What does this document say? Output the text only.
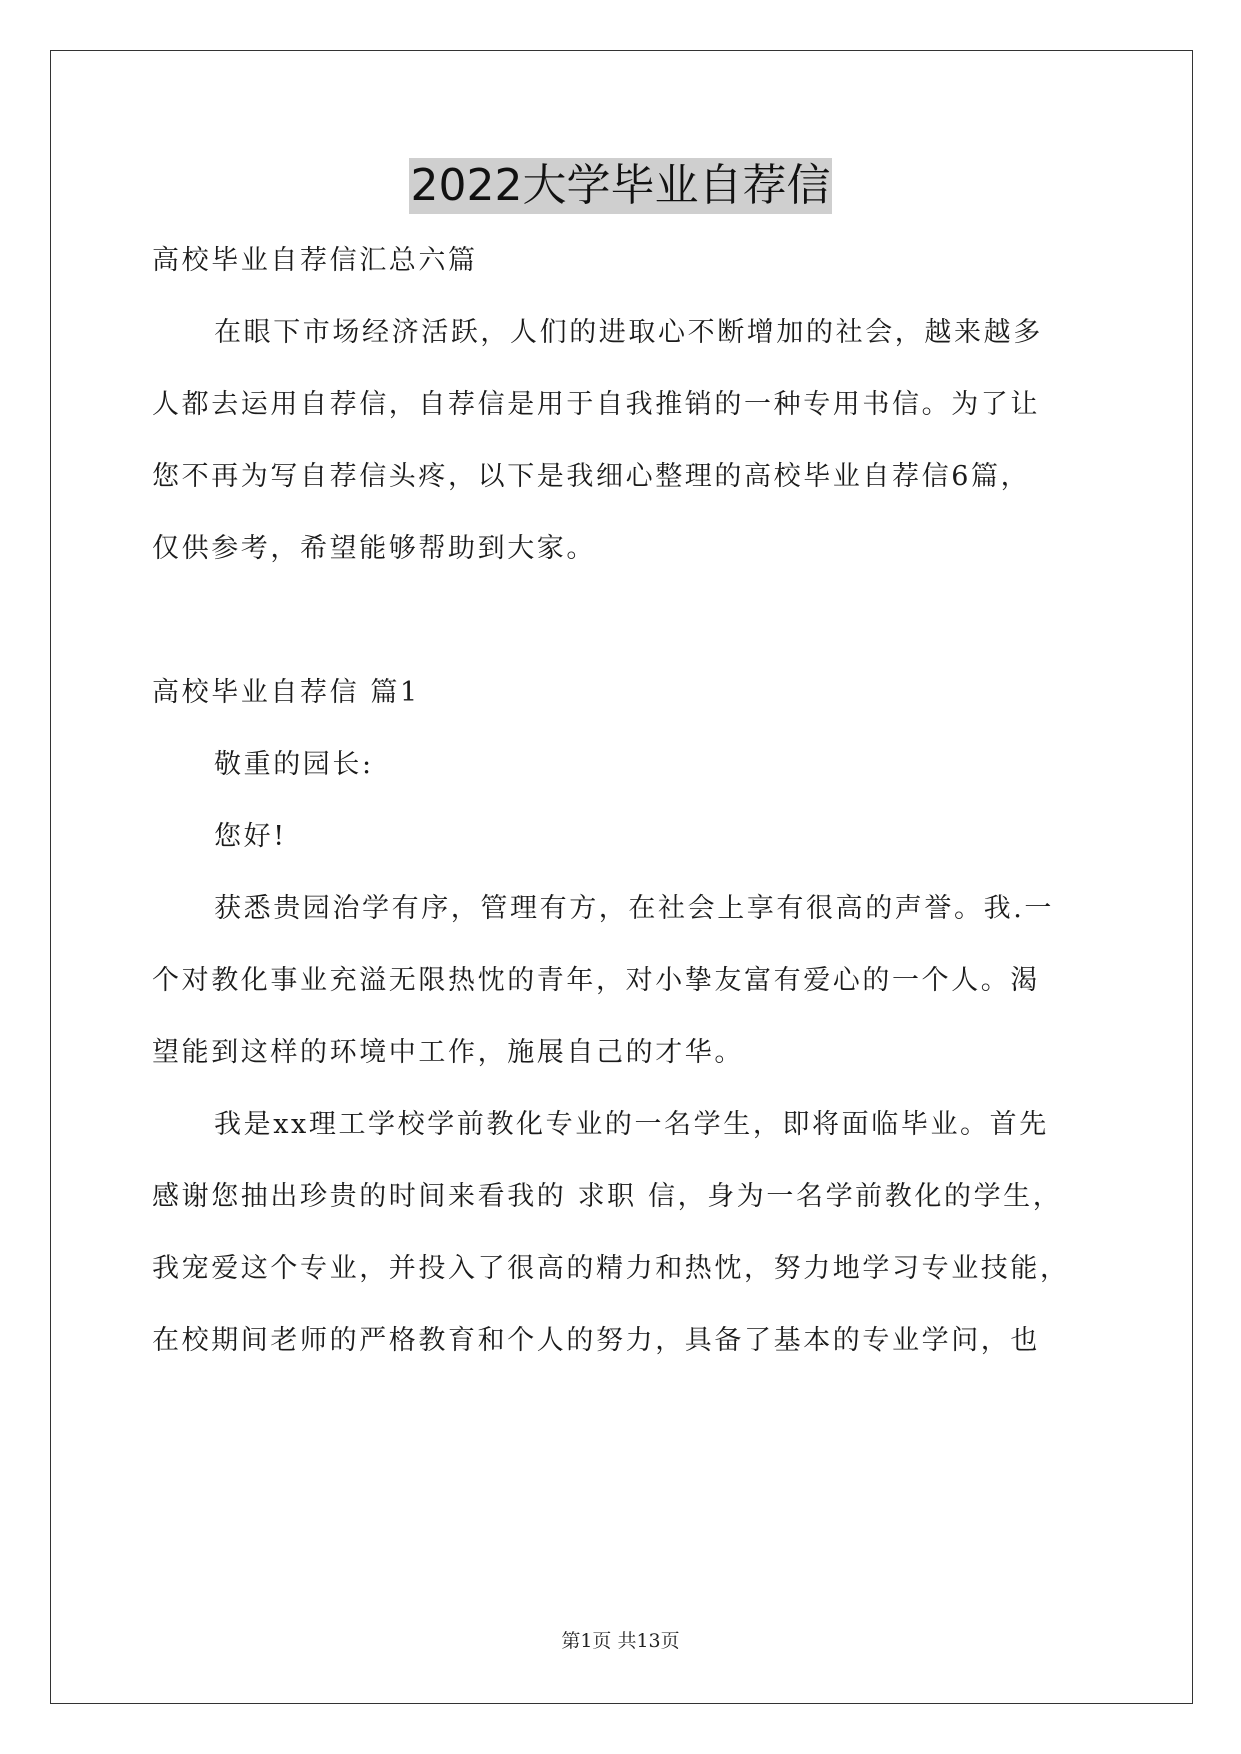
2022大学毕业自荐信
高校毕业自荐信汇总六篇
在眼下市场经济活跃，人们的进取心不断增加的社会，越来越多
人都去运用自荐信，自荐信是用于自我推销的一种专用书信。为了让
您不再为写自荐信头疼，以下是我细心整理的高校毕业自荐信6篇，
仅供参考，希望能够帮助到大家。
高校毕业自荐信 篇1
敬重的园长:
您好!
获悉贵园治学有序，管理有方，在社会上享有很高的声誉。我.一
个对教化事业充溢无限热忱的青年，对小挚友富有爱心的一个人。渴
望能到这样的环境中工作，施展自己的才华。
我是xx理工学校学前教化专业的一名学生，即将面临毕业。首先
感谢您抽出珍贵的时间来看我的 求职 信，身为一名学前教化的学生，
我宠爱这个专业，并投入了很高的精力和热忱，努力地学习专业技能，
在校期间老师的严格教育和个人的努力，具备了基本的专业学问，也
第1页 共13页
